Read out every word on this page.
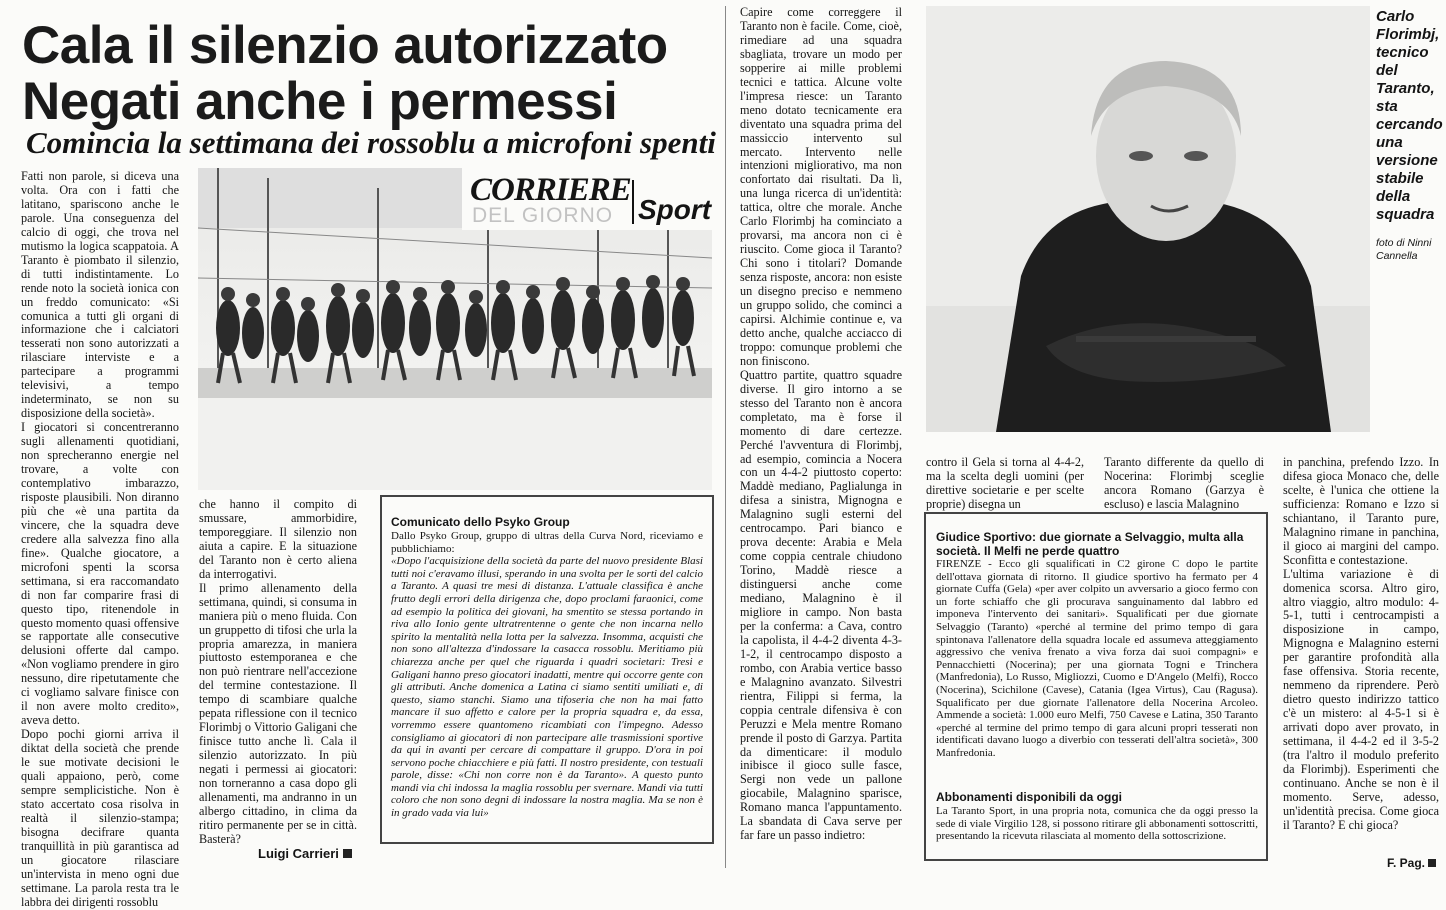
Cala il silenzio autorizzato
Negati anche i permessi
Comincia la settimana dei rossoblu a microfoni spenti

Fatti non parole, si diceva una volta. Ora con i fatti che latitano, spariscono anche le parole. Una conseguenza del calcio di oggi, che trova nel mutismo la logica scappatoia. A Taranto è piombato il silenzio, di tutti indistintamente. Lo rende noto la società ionica con un freddo comunicato: «Si comunica a tutti gli organi di informazione che i calciatori tesserati non sono autorizzati a rilasciare interviste e a partecipare a programmi televisivi, a tempo indeterminato, se non su disposizione della società».

I giocatori si concentreranno sugli allenamenti quotidiani, non sprecheranno energie nel trovare, a volte con contemplativo imbarazzo, risposte plausibili. Non diranno più che «è una partita da vincere, che la squadra deve credere alla salvezza fino alla fine». Qualche giocatore, a microfoni spenti la scorsa settimana, si era raccomandato di non far comparire frasi di questo tipo, ritenendole in questo momento quasi offensive se rapportate alle consecutive delusioni offerte dal campo. «Non vogliamo prendere in giro nessuno, dire ripetutamente che ci vogliamo salvare finisce con il non avere molto credito», aveva detto.

Dopo pochi giorni arriva il diktat della società che prende le sue motivate decisioni le quali appaiono, però, come sempre semplicistiche. Non è stato accertato cosa risolva in realtà il silenzio-stampa; bisogna decifrare quanta tranquillità in più garantisca ad un giocatore rilasciare un'intervista in meno ogni due settimane. La parola resta tra le labbra dei dirigenti rossoblu

CORRIERE
DEL GIORNO Sport

che hanno il compito di smussare, ammorbidire, temporeggiare. Il silenzio non aiuta a capire. E la situazione del Taranto non è certo aliena da interrogativi.

Il primo allenamento della settimana, quindi, si consuma in maniera più o meno fluida. Con un gruppetto di tifosi che urla la propria amarezza, in maniera piuttosto estemporanea e che non può rientrare nell'accezione del termine contestazione. Il tempo di scambiare qualche pepata riflessione con il tecnico Florimbj o Vittorio Galigani che finisce tutto anche lì. Cala il silenzio autorizzato. In più negati i permessi ai giocatori: non torneranno a casa dopo gli allenamenti, ma andranno in un albergo cittadino, in clima da ritiro permanente per se in città. Basterà?

Comunicato dello Psyko Group

Dallo Psyko Group, gruppo di ultras della Curva Nord, riceviamo e pubblichiamo:

«Dopo l'acquisizione della società da parte del nuovo presidente Blasi tutti noi c'eravamo illusi, sperando in una svolta per le sorti del calcio a Taranto. A quasi tre mesi di distanza. L'attuale classifica è anche frutto degli errori della dirigenza che, dopo proclami faraonici, come ad esempio la politica dei giovani, ha smentito se stessa portando in riva allo Ionio gente ultratrentenne o gente che non incarna nello spirito la mentalità nella lotta per la salvezza. Insomma, acquisti che non sono all'altezza d'indossare la casacca rossoblu. Meritiamo più chiarezza anche per quel che riguarda i quadri societari: Tresi e Galigani hanno preso giocatori inadatti, mentre qui occorre gente con gli attributi. Anche domenica a Latina ci siamo sentiti umiliati e, di questo, siamo stanchi. Siamo una tifoseria che non ha mai fatto mancare il suo affetto e calore per la propria squadra e, da essa, vorremmo essere quantomeno ricambiati con l'impegno. Adesso consigliamo ai giocatori di non partecipare alle trasmissioni sportive da qui in avanti per cercare di compattare il gruppo. D'ora in poi servono poche chiacchiere e più fatti. Il nostro presidente, con testuali parole, disse: «Chi non corre non è da Taranto». A questo punto mandi via chi indossa la maglia rossoblu per svernare. Mandi via tutti coloro che non sono degni di indossare la nostra maglia. Ma se non è in grado vada via lui»

Luigi Carrieri

Capire come correggere il Taranto non è facile. Come, cioè, rimediare ad una squadra sbagliata, trovare un modo per sopperire ai mille problemi tecnici e tattica. Alcune volte l'impresa riesce: un Taranto meno dotato tecnicamente era diventato una squadra prima del massiccio intervento sul mercato. Intervento nelle intenzioni migliorativo, ma non confortato dai risultati. Da lì, una lunga ricerca di un'identità: tattica, oltre che morale. Anche Carlo Florimbj ha cominciato a provarsi, ma ancora non ci è riuscito. Come gioca il Taranto? Chi sono i titolari? Domande senza risposte, ancora: non esiste un disegno preciso e nemmeno un gruppo solido, che cominci a capirsi. Alchimie continue e, va detto anche, qualche acciacco di troppo: comunque problemi che non finiscono.

Quattro partite, quattro squadre diverse. Il giro intorno a se stesso del Taranto non è ancora completato, ma è forse il momento di dare certezze. Perché l'avventura di Florimbj, ad esempio, cominciа a Nocera con un 4-4-2 piuttosto coperto: Maddè mediano, Paglialunga in difesa a sinistra, Mignogna e Malagnino sugli esterni del centrocampo. Pari bianco e prova decente: Arabia e Mela come coppia centrale chiudono Torino, Maddè riesce a distinguersi anche come mediano, Malagnino è il migliore in campo. Non basta per la conferma: a Cava, contro la capolista, il 4-4-2 diventa 4-3-1-2, il centrocampo disposto a rombo, con Arabia vertice basso e Malagnino avanzato. Silvestri rientra, Filippi si ferma, la coppia centrale difensiva è con Peruzzi e Mela mentre Romano prende il posto di Garzya. Partita da dimenticare: il modulo inibisce il gioco sulle fasce, Sergi non vede un pallone giocabile, Malagnino sparisce, Romano manca l'appuntamento. La sbandata di Cava serve per far fare un passo indietro:

Carlo Florimbj, tecnico del Taranto, sta cercando una versione stabile della squadra
foto di Ninni Cannella
contro il Gela si torna al 4-4-2, ma la scelta degli uomini (per direttive societarie e per scelte proprie) disegna un
Taranto differente da quello di Nocerina: Florimbj sceglie ancora Romano (Garzya è escluso) e lascia Malagnino
Giudice Sportivo: due giornate a Selvaggio, multa alla società. Il Melfi ne perde quattro
FIRENZE - Ecco gli squalificati in C2 girone C dopo le partite dell'ottava giornata di ritorno. Il giudice sportivo ha fermato per 4 giornate Cuffa (Gela) «per aver colpito un avversario a gioco fermo con un forte schiaffo che gli procurava sanguinamento dal labbro ed imponeva l'intervento dei sanitari». Squalificati per due giornate Selvaggio (Taranto) «perché al termine del primo tempo di gara spintonava l'allenatore della squadra locale ed assumeva atteggiamento aggressivo che veniva frenato a viva forza dai suoi compagni» e Pennacchietti (Nocerina); per una giornata Togni e Trinchera (Manfredonia), Lo Russo, Migliozzi, Cuomo e D'Angelo (Melfi), Rocco (Nocerina), Scichilone (Cavese), Catania (Igea Virtus), Cau (Ragusa). Squalificato per due giornate l'allenatore della Nocerina Arcoleo. Ammende a società: 1.000 euro Melfi, 750 Cavese e Latina, 350 Taranto «perché al termine del primo tempo di gara alcuni propri tesserati non identificati davano luogo a diverbio con tesserati dell'altra società», 300 Manfredonia.
Abbonamenti disponibili da oggi
La Taranto Sport, in una propria nota, comunica che da oggi presso la sede di viale Virgilio 128, si possono ritirare gli abbonamenti sottoscritti, presentando la ricevuta rilasciata al momento della sottoscrizione.

in panchina, prefendo Izzo. In difesa gioca Monaco che, delle scelte, è l'unica che ottiene la sufficienza: Romano e Izzo si schiantano, il Taranto pure, Malagnino rimane in panchina, il gioco ai margini del campo. Sconfitta e contestazione.

L'ultima variazione è di domenica scorsa. Altro giro, altro viaggio, altro modulo: 4-5-1, tutti i centrocampisti a disposizione in campo, Mignogna e Malagnino esterni per garantire profondità alla fase offensiva. Storia recente, nemmeno da riprendere. Però dietro questo indirizzo tattico c'è un mistero: al 4-5-1 si è arrivati dopo aver provato, in settimana, il 4-4-2 ed il 3-5-2 (tra l'altro il modulo preferito da Florimbj). Esperimenti che continuano. Anche se non è il momento. Serve, adesso, un'identità precisa. Come gioca il Taranto? E chi gioca?

F. Pag.
